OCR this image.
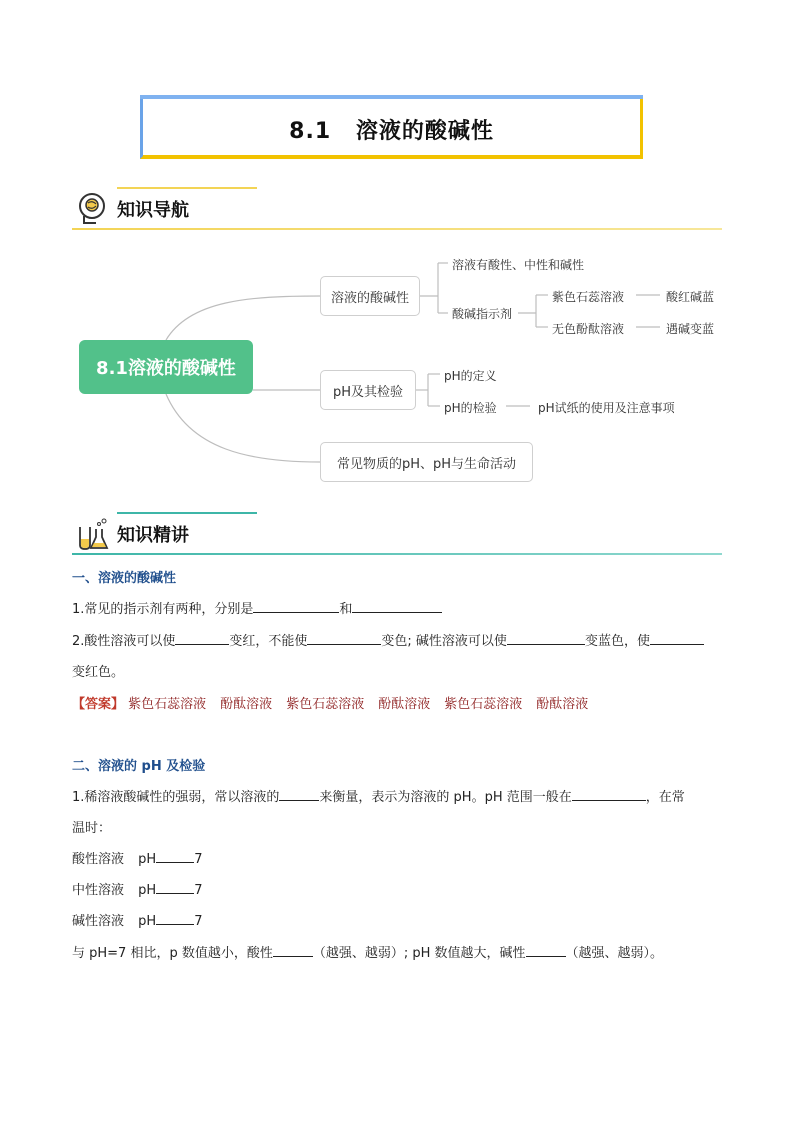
8.1 溶液的酸碱性
知识导航
8.1溶液的酸碱性
溶液的酸碱性
溶液有酸性、中性和碱性
酸碱指示剂
紫色石蕊溶液	酸红碱蓝
无色酚酞溶液	遇碱变蓝
pH及其检验
pH的定义
pH的检验	pH试纸的使用及注意事项
常见物质的pH、pH与生命活动
知识精讲
一、溶液的酸碱性
1.常见的指示剂有两种，分别是	和
2.酸性溶液可以使	变红，不能使	变色; 碱性溶液可以使	变蓝色，使
变红色。
【答案】 紫色石蕊溶液 酚酞溶液 紫色石蕊溶液 酚酞溶液 紫色石蕊溶液 酚酞溶液
二、溶液的 pH 及检验
1.稀溶液酸碱性的强弱，常以溶液的	来衡量，表示为溶液的 pH。pH 范围一般在	，在常
温时：
酸性溶液 pH	7
中性溶液 pH	7
碱性溶液 pH	7
与 pH=7 相比，p 数值越小，酸性	（越强、越弱）; pH 数值越大，碱性	（越强、越弱）。
